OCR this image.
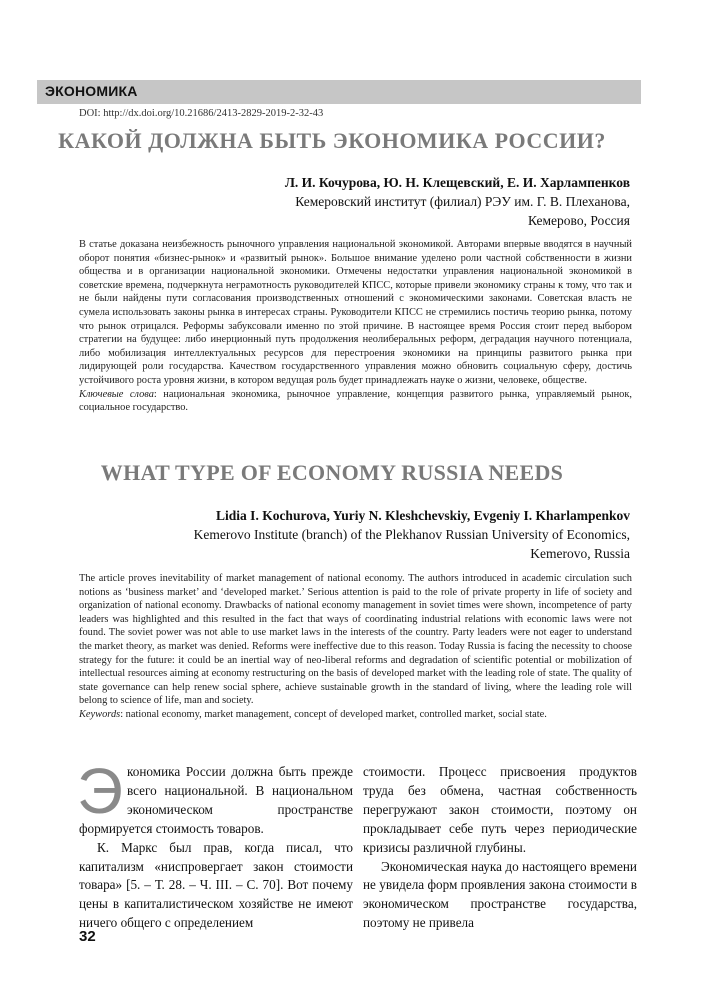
ЭКОНОМИКА
DOI: http://dx.doi.org/10.21686/2413-2829-2019-2-32-43
КАКОЙ ДОЛЖНА БЫТЬ ЭКОНОМИКА РОССИИ?
Л. И. Кочурова, Ю. Н. Клещевский, Е. И. Харлампенков
Кемеровский институт (филиал) РЭУ им. Г. В. Плеханова,
Кемерово, Россия

В статье доказана неизбежность рыночного управления национальной экономикой. Авторами впервые вводятся в научный оборот понятия «бизнес-рынок» и «развитый рынок». Большое внимание уделено роли частной собственности в жизни общества и в организации национальной экономики. Отмечены недостатки управления национальной экономикой в советские времена, подчеркнута неграмотность руководителей КПСС, которые привели экономику страны к тому, что так и не были найдены пути согласования производственных отношений с экономическими законами. Советская власть не сумела использовать законы рынка в интересах страны. Руководители КПСС не стремились постичь теорию рынка, потому что рынок отрицался. Реформы забуксовали именно по этой причине. В настоящее время Россия стоит перед выбором стратегии на будущее: либо инерционный путь продолжения неолиберальных реформ, деградация научного потенциала, либо мобилизация интеллектуальных ресурсов для перестроения экономики на принципы развитого рынка при лидирующей роли государства. Качеством государственного управления можно обновить социальную сферу, достичь устойчивого роста уровня жизни, в котором ведущая роль будет принадлежать науке о жизни, человеке, обществе.

Ключевые слова: национальная экономика, рыночное управление, концепция развитого рынка, управляемый рынок, социальное государство.

WHAT TYPE OF ECONOMY RUSSIA NEEDS
Lidia I. Kochurova, Yuriy N. Kleshchevskiy, Evgeniy I. Kharlampenkov
Kemerovo Institute (branch) of the Plekhanov Russian University of Economics,
Kemerovo, Russia

The article proves inevitability of market management of national economy. The authors introduced in academic circulation such notions as ‘business market’ and ‘developed market.’ Serious attention is paid to the role of private property in life of society and organization of national economy. Drawbacks of national economy management in soviet times were shown, incompetence of party leaders was highlighted and this resulted in the fact that ways of coordinating industrial relations with economic laws were not found. The soviet power was not able to use market laws in the interests of the country. Party leaders were not eager to understand the market theory, as market was denied. Reforms were ineffective due to this reason. Today Russia is facing the necessity to choose strategy for the future: it could be an inertial way of neo-liberal reforms and degradation of scientific potential or mobilization of intellectual resources aiming at economy restructuring on the basis of developed market with the leading role of state. The quality of state governance can help renew social sphere, achieve sustainable growth in the standard of living, where the leading role will belong to science of life, man and society.

Keywords: national economy, market management, concept of developed market, controlled market, social state.

Экономика России должна быть прежде всего национальной. В национальном экономическом пространстве формируется стоимость товаров.

К. Маркс был прав, когда писал, что капитализм «ниспровергает закон стоимости товара» [5. – Т. 28. – Ч. III. – С. 70]. Вот почему цены в капиталистическом хозяйстве не имеют ничего общего с определением

стоимости. Процесс присвоения продуктов труда без обмена, частная собственность перегружают закон стоимости, поэтому он прокладывает себе путь через периодические кризисы различной глубины.

Экономическая наука до настоящего времени не увидела форм проявления закона стоимости в экономическом пространстве государства, поэтому не привела

32
